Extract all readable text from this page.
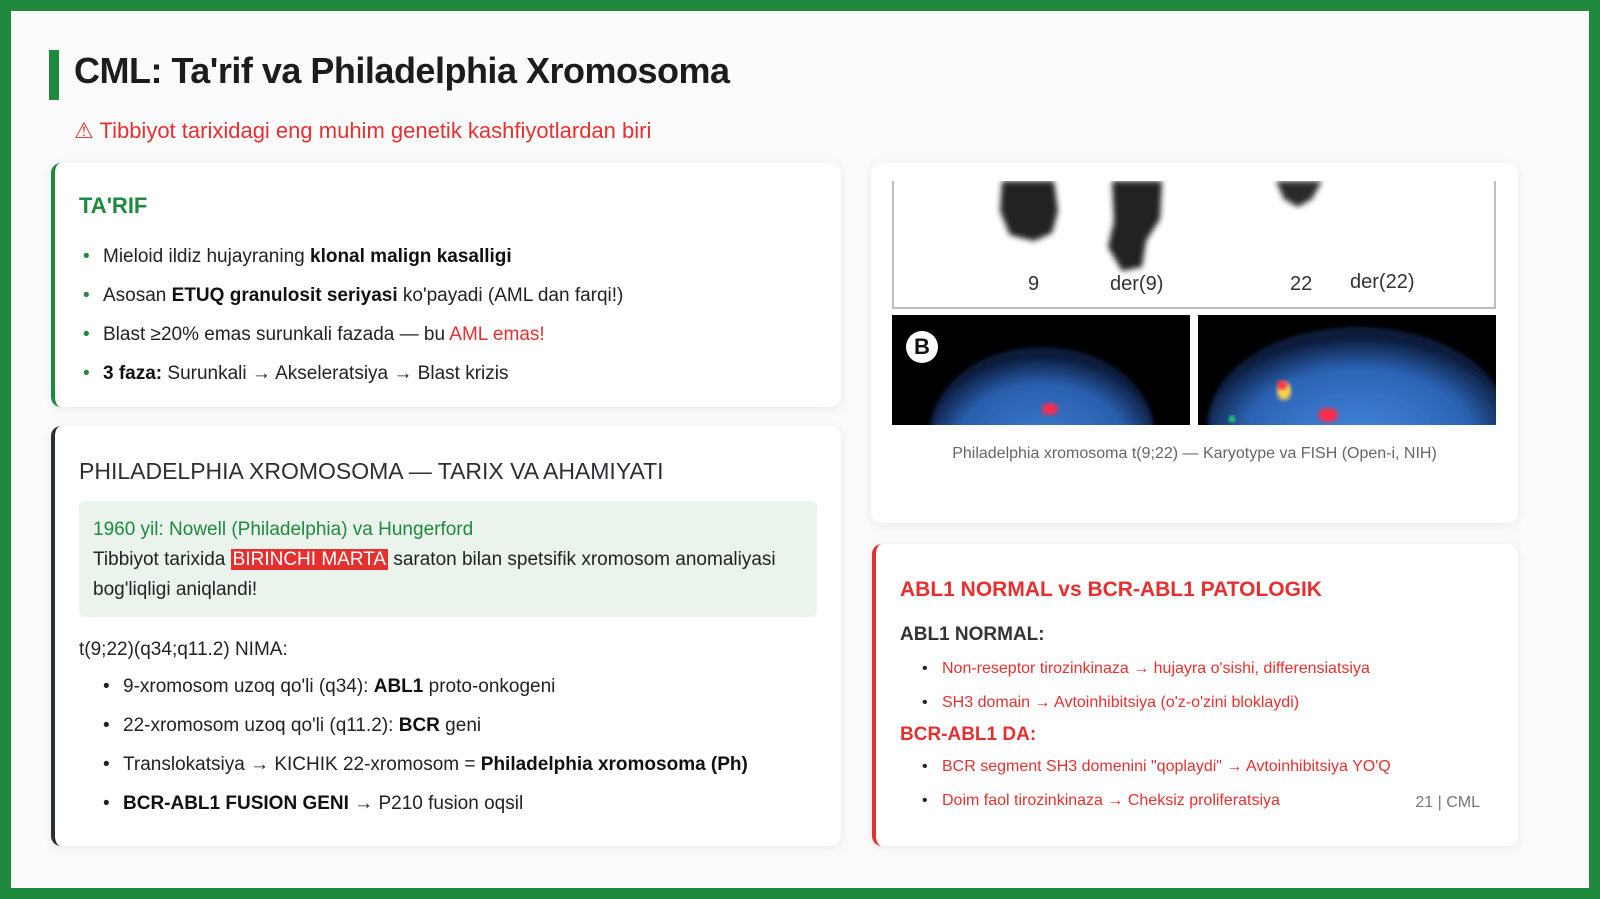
CML: Ta'rif va Philadelphia Xromosoma
⚠ Tibbiyot tarixidagi eng muhim genetik kashfiyotlardan biri
TA'RIF
• Mieloid ildiz hujayraning klonal malign kasalligi
• Asosan ETUQ granulosit seriyasi ko'payadi (AML dan farqi!)
• Blast ≥20% emas surunkali fazada — bu AML emas!
• 3 faza: Surunkali → Akseleratsiya → Blast krizis
PHILADELPHIA XROMOSOMA — TARIX VA AHAMIYATI
1960 yil: Nowell (Philadelphia) va Hungerford
Tibbiyot tarixida BIRINCHI MARTA saraton bilan spetsifik xromosom anomaliyasi bog'liqligi aniqlandi!
t(9;22)(q34;q11.2) NIMA:
• 9-xromosom uzoq qo'li (q34): ABL1 proto-onkogeni
• 22-xromosom uzoq qo'li (q11.2): BCR geni
• Translokatsiya → KICHIK 22-xromosom = Philadelphia xromosoma (Ph)
• BCR-ABL1 FUSION GENI → P210 fusion oqsil
9	der(9)	22 der(22)
B
Philadelphia xromosoma t(9;22) — Karyotype va FISH (Open-i, NIH)
ABL1 NORMAL vs BCR-ABL1 PATOLOGIK
ABL1 NORMAL:
• Non-reseptor tirozinkinaza → hujayra o'sishi, differensiatsiya
• SH3 domain → Avtoinhibitsiya (o'z-o'zini bloklaydi)
BCR-ABL1 DA:
• BCR segment SH3 domenini "qoplaydi" → Avtoinhibitsiya YO'Q
• Doim faol tirozinkinaza → Cheksiz proliferatsiya	21 | CML
